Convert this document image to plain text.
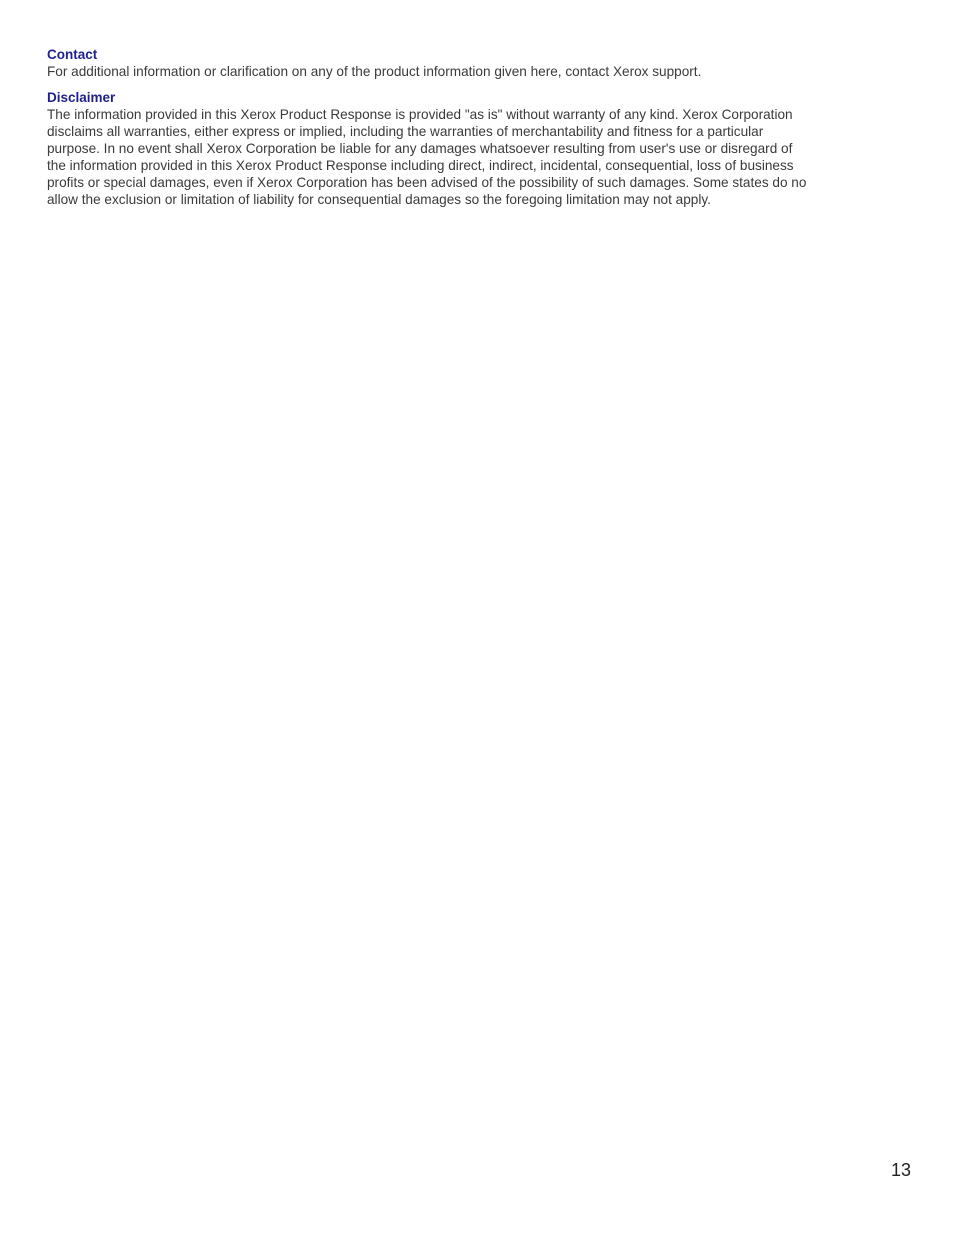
Contact

For additional information or clarification on any of the product information given here, contact Xerox support.

Disclaimer

The information provided in this Xerox Product Response is provided "as is" without warranty of any kind. Xerox Corporation

disclaims all warranties, either express or implied, including the warranties of merchantability and fitness for a particular

purpose. In no event shall Xerox Corporation be liable for any damages whatsoever resulting from user's use or disregard of

the information provided in this Xerox Product Response including direct, indirect, incidental, consequential, loss of business

profits or special damages, even if Xerox Corporation has been advised of the possibility of such damages. Some states do no

allow the exclusion or limitation of liability for consequential damages so the foregoing limitation may not apply.

13
